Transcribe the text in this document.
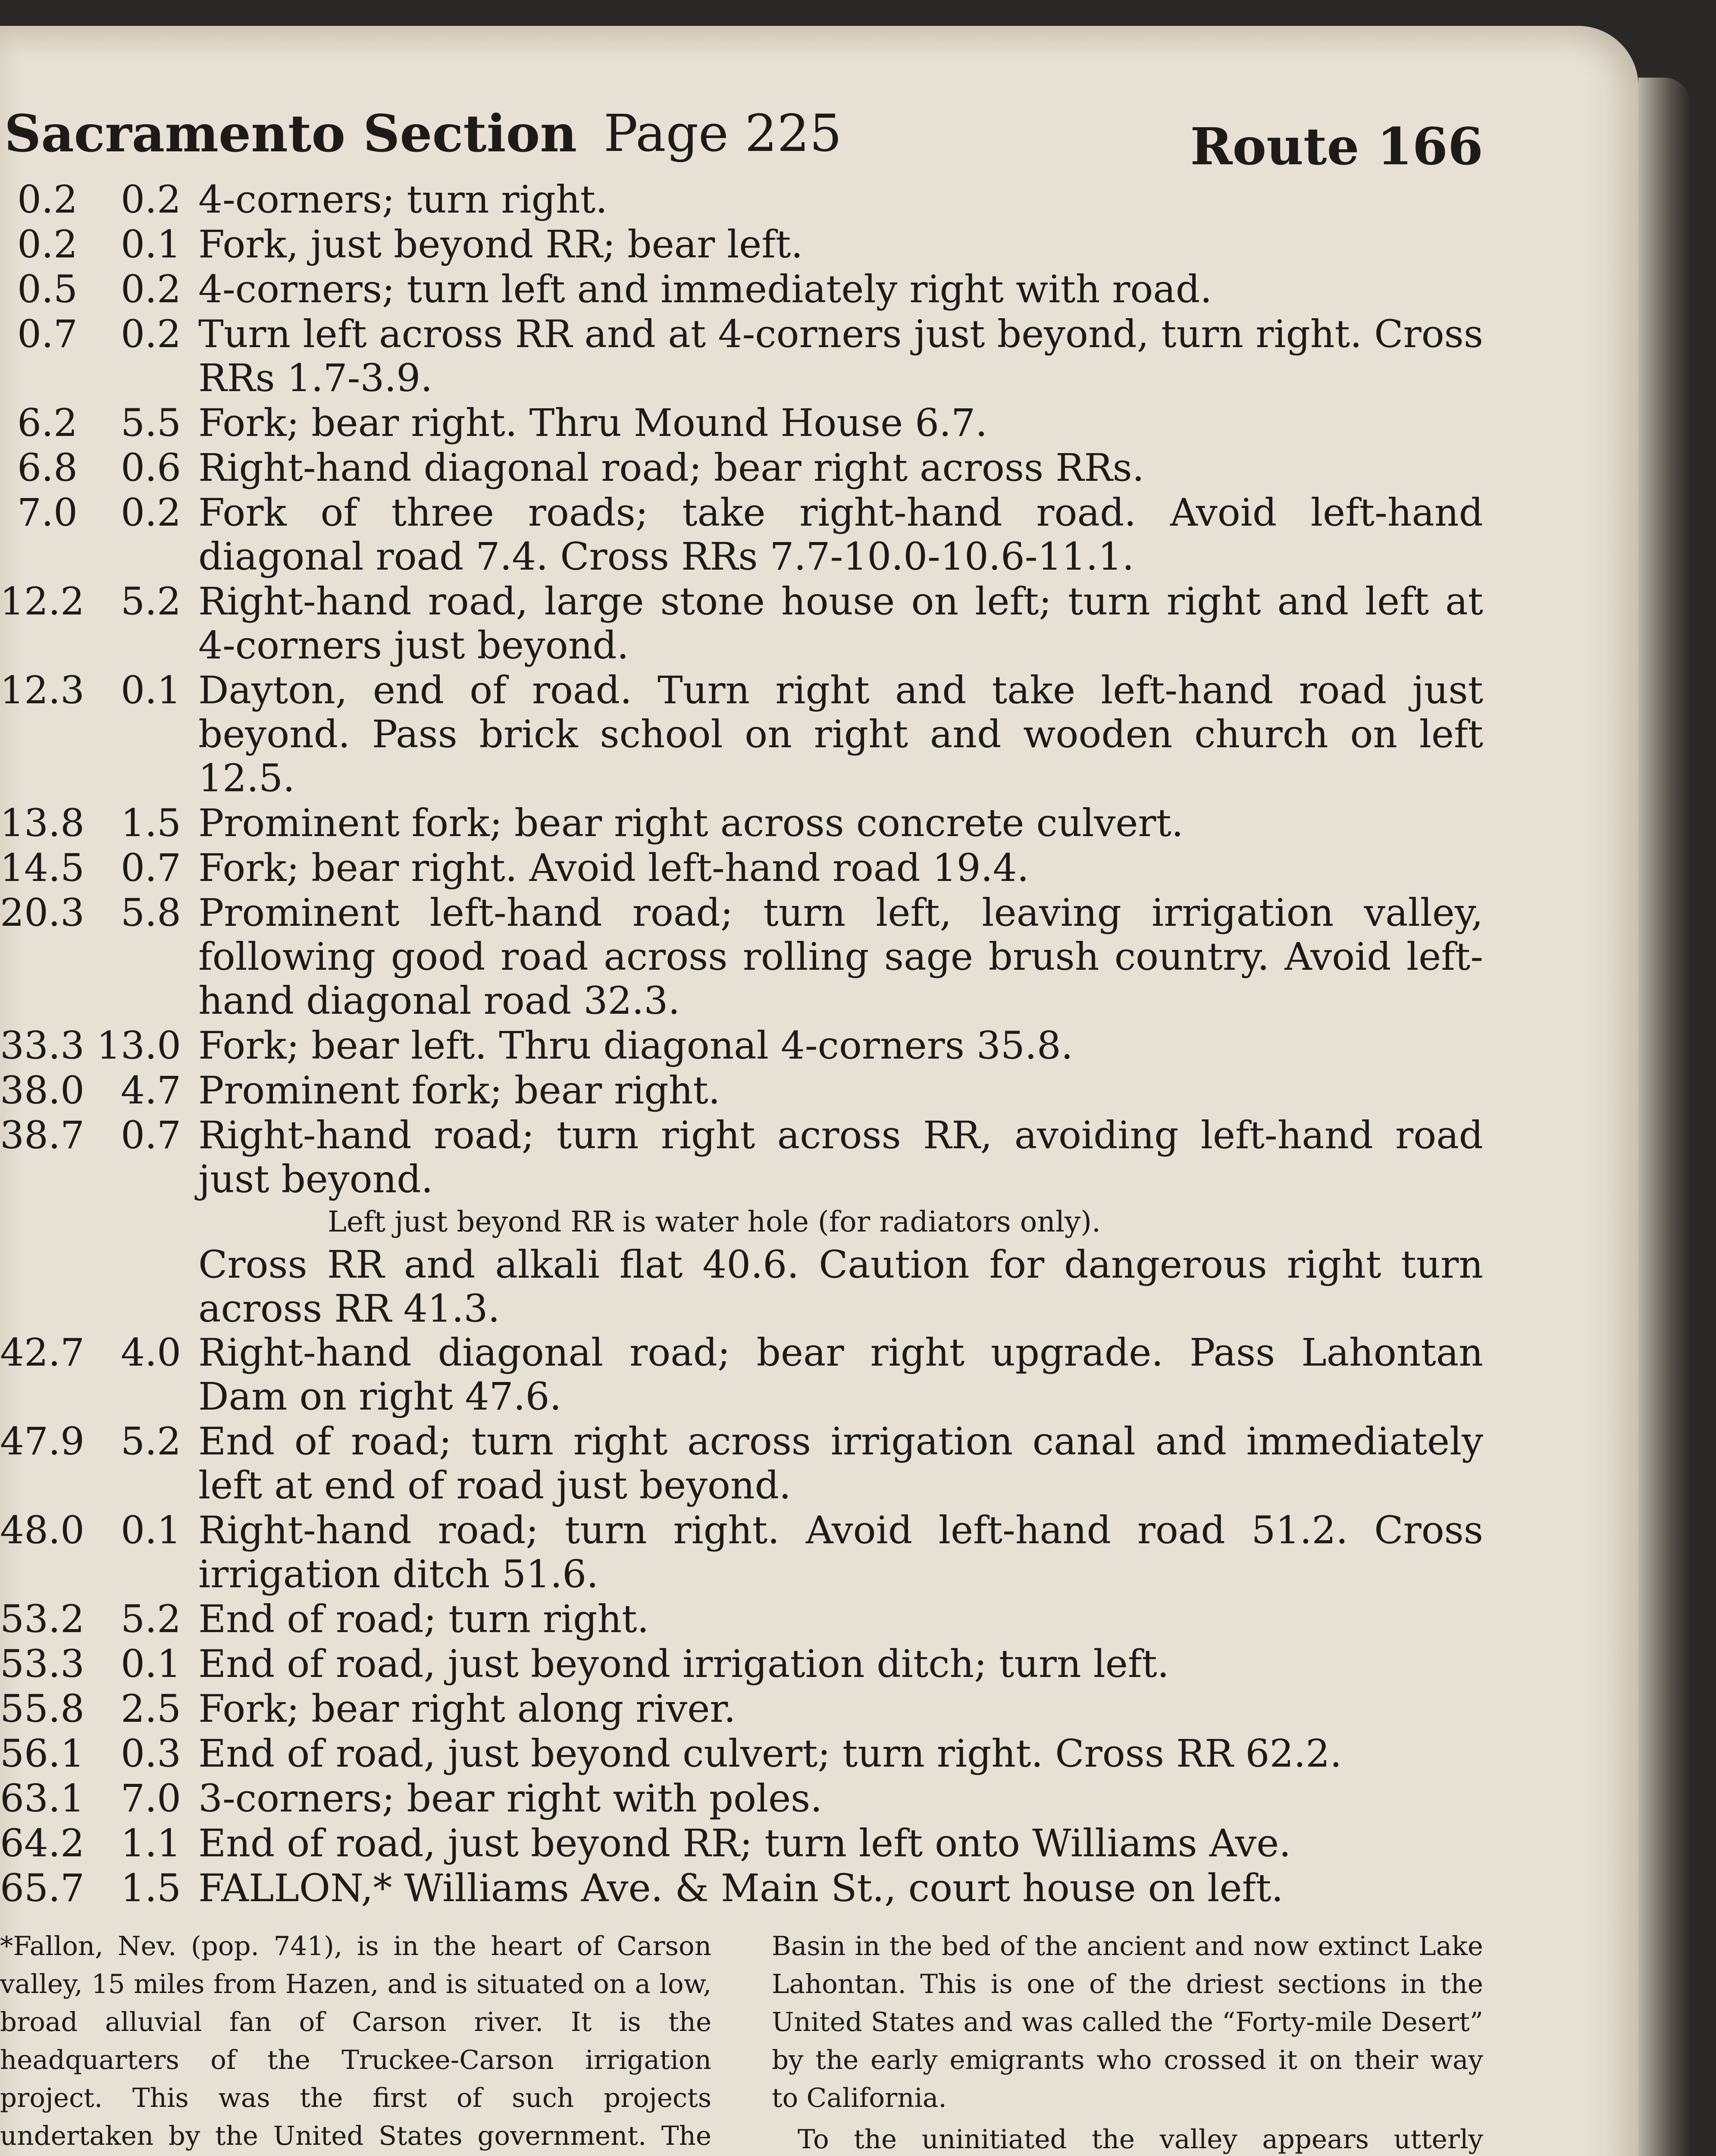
Sacramento Section Page 225	Route 166
0.2	0.2 4-corners; turn right.
0.2	0.1 Fork, just beyond RR; bear left.
0.5	0.2 4-corners; turn left and immediately right with road.
0.7	0.2 Turn left across RR and at 4-corners just beyond, turn right. Cross RRs 1.7-3.9.
6.2	5.5 Fork; bear right. Thru Mound House 6.7.
6.8	0.6 Right-hand diagonal road; bear right across RRs.
7.0	0.2 Fork of three roads; take right-hand road. Avoid left-hand diagonal road 7.4. Cross RRs 7.7-10.0-10.6-11.1.
12.2 5.2 Right-hand road, large stone house on left; turn right and left at 4-corners just beyond.
12.3 0.1 Dayton, end of road. Turn right and take left-hand road just beyond. Pass brick school on right and wooden church on left 12.5.
13.8 1.5 Prominent fork; bear right across concrete culvert.
14.5 0.7 Fork; bear right. Avoid left-hand road 19.4.
20.3 5.8 Prominent left-hand road; turn left, leaving irrigation valley, following good road across rolling sage brush country. Avoid left-hand diagonal road 32.3.
33.3 13.0 Fork; bear left. Thru diagonal 4-corners 35.8.
38.0 4.7 Prominent fork; bear right.
38.7 0.7 Right-hand road; turn right across RR, avoiding left-hand road just beyond.
Left just beyond RR is water hole (for radiators only).
Cross RR and alkali flat 40.6. Caution for dangerous right turn across RR 41.3.
42.7 4.0 Right-hand diagonal road; bear right upgrade. Pass Lahontan Dam on right 47.6.
47.9 5.2 End of road; turn right across irrigation canal and immediately left at end of road just beyond.
48.0 0.1 Right-hand road; turn right. Avoid left-hand road 51.2. Cross irrigation ditch 51.6.
53.2 5.2 End of road; turn right.
53.3 0.1 End of road, just beyond irrigation ditch; turn left.
55.8 2.5 Fork; bear right along river.
56.1 0.3 End of road, just beyond culvert; turn right. Cross RR 62.2.
63.1 7.0 3-corners; bear right with poles.
64.2 1.1 End of road, just beyond RR; turn left onto Williams Ave.
65.7 1.5 FALLON,* Williams Ave. & Main St., court house on left.

*Fallon, Nev. (pop. 741), is in the heart of Carson valley, 15 miles from Hazen, and is situated on a low, broad alluvial fan of Carson river. It is the headquarters of the Truckee-Carson irrigation project. This was the first of such projects undertaken by the United States government. The

Basin in the bed of the ancient and now extinct Lake Lahontan. This is one of the driest sections in the United States and was called the “Forty-mile Desert” by the early emigrants who crossed it on their way to California.

To the uninitiated the valley appears utterly
